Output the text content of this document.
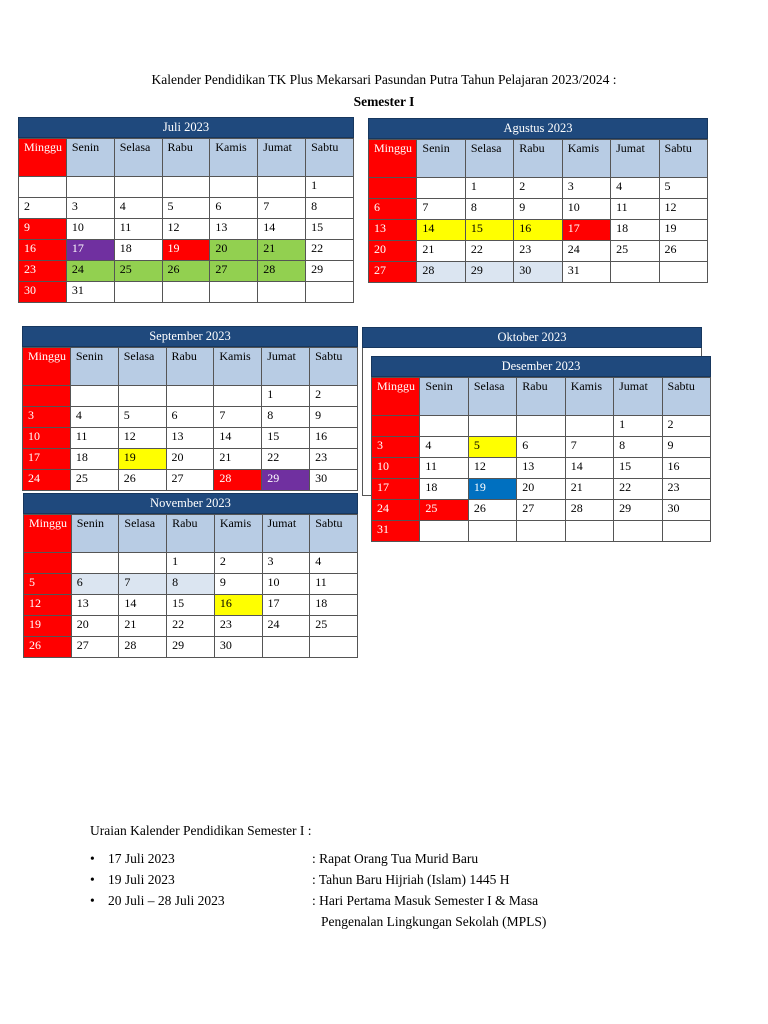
Kalender Pendidikan TK Plus Mekarsari Pasundan Putra Tahun Pelajaran 2023/2024 :
Semester I
Juli 2023
Minggu	Senin	Selasa	Rabu	Kamis	Jumat	Sabtu
						1
2	3	4	5	6	7	8
9	10	11	12	13	14	15
16	17	18	19	20	21	22
23	24	25	26	27	28	29
30	31					
Agustus 2023
Minggu	Senin	Selasa	Rabu	Kamis	Jumat	Sabtu
		1	2	3	4	5
6	7	8	9	10	11	12
13	14	15	16	17	18	19
20	21	22	23	24	25	26
27	28	29	30	31		
Oktober 2023
September 2023
Minggu	Senin	Selasa	Rabu	Kamis	Jumat	Sabtu
					1	2
3	4	5	6	7	8	9
10	11	12	13	14	15	16
17	18	19	20	21	22	23
24	25	26	27	28	29	30
Desember 2023
Minggu	Senin	Selasa	Rabu	Kamis	Jumat	Sabtu
					1	2
3	4	5	6	7	8	9
10	11	12	13	14	15	16
17	18	19	20	21	22	23
24	25	26	27	28	29	30
31						
November 2023
Minggu	Senin	Selasa	Rabu	Kamis	Jumat	Sabtu
			1	2	3	4
5	6	7	8	9	10	11
12	13	14	15	16	17	18
19	20	21	22	23	24	25
26	27	28	29	30		
Uraian Kalender Pendidikan Semester I :
• 17 Juli 2023	: Rapat Orang Tua Murid Baru
• 19 Juli 2023	: Tahun Baru Hijriah (Islam) 1445 H
• 20 Juli – 28 Juli 2023	: Hari Pertama Masuk Semester I & Masa
Pengenalan Lingkungan Sekolah (MPLS)
